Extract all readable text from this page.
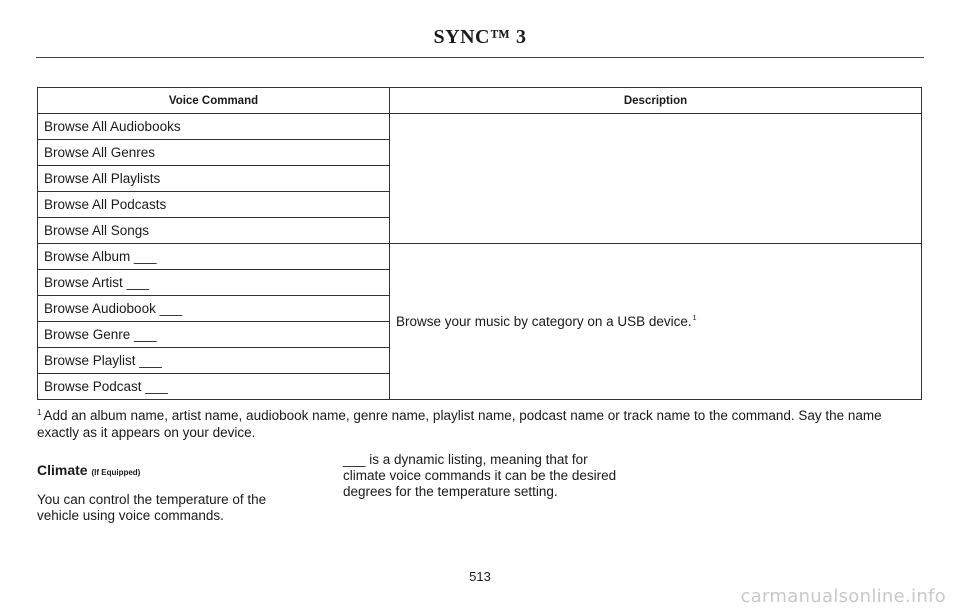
SYNC™ 3
Voice Command	Description
Browse All Audiobooks	
Browse All Genres	
Browse All Playlists	
Browse All Podcasts	
Browse All Songs	
Browse Album ___	Browse your music by category on a USB device.$^1$
Browse Artist ___	
Browse Audiobook ___	
Browse Genre ___	
Browse Playlist ___	
Browse Podcast ___	
$^1$ Add an album name, artist name, audiobook name, genre name, playlist name, podcast name or track name to the command. Say the name exactly as it appears on your device.
Climate (If Equipped)
You can control the temperature of the vehicle using voice commands.
___ is a dynamic listing, meaning that for climate voice commands it can be the desired degrees for the temperature setting.
513
carmanualsonline.info
